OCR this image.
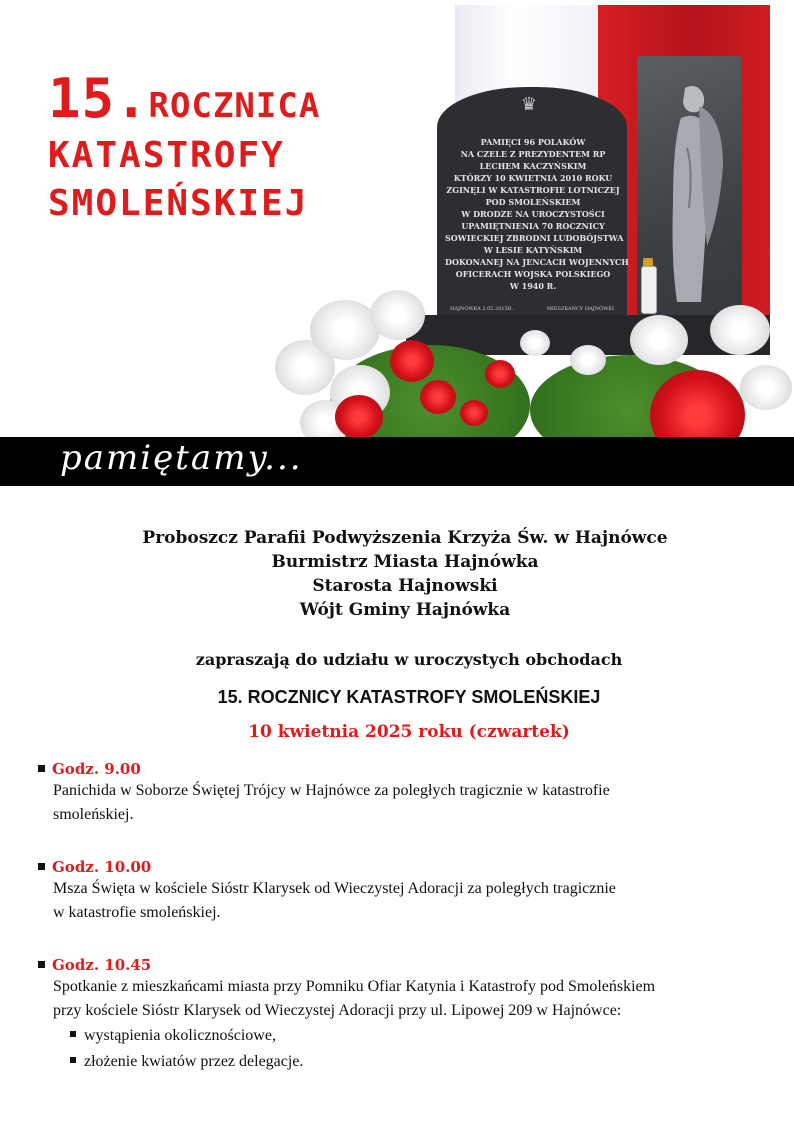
♛
PAMIĘCI 96 POLAKÓW
NA CZELE Z PREZYDENTEM RP
LECHEM KACZYŃSKIM
KTÓRZY 10 KWIETNIA 2010 ROKU
ZGINĘLI W KATASTROFIE LOTNICZEJ
POD SMOLEŃSKIEM
W DRODZE NA UROCZYSTOŚCI
UPAMIĘTNIENIA 70 ROCZNICY
SOWIECKIEJ ZBRODNI LUDOBÓJSTWA
W LESIE KATYŃSKIM
DOKONANEJ NA JENCACH WOJENNYCH
OFICERACH WOJSKA POLSKIEGO
W 1940 R.
HAJNÓWKA 2.05.2015R.	MIESZKAŃCY HAJNÓWKI
15.ROCZNICA
KATASTROFY
SMOLEŃSKIEJ
pamiętamy...
Proboszcz Parafii Podwyższenia Krzyża Św. w Hajnówce
Burmistrz Miasta Hajnówka
Starosta Hajnowski
Wójt Gminy Hajnówka
zapraszają do udziału w uroczystych obchodach
15. ROCZNICY KATASTROFY SMOLEŃSKIEJ
10 kwietnia 2025 roku (czwartek)
Godz. 9.00
Panichida w Soborze Świętej Trójcy w Hajnówce za poległych tragicznie w katastrofie
smoleńskiej.
Godz. 10.00
Msza Święta w kościele Sióstr Klarysek od Wieczystej Adoracji za poległych tragicznie
w katastrofie smoleńskiej.
Godz. 10.45
Spotkanie z mieszkańcami miasta przy Pomniku Ofiar Katynia i Katastrofy pod Smoleńskiem
przy kościele Sióstr Klarysek od Wieczystej Adoracji przy ul. Lipowej 209 w Hajnówce:
wystąpienia okolicznościowe,
złożenie kwiatów przez delegacje.
